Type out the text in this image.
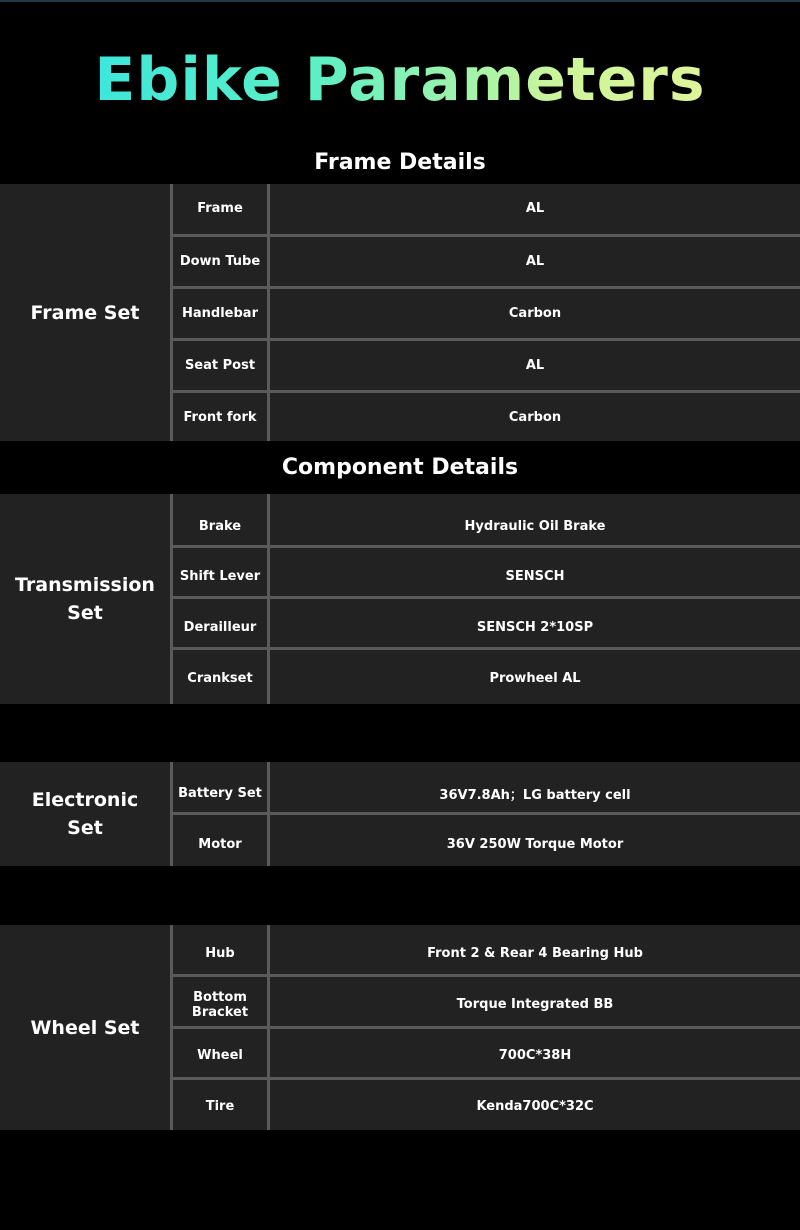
Ebike Parameters
Frame Details
Frame Set
Frame	AL
Down Tube	AL
Handlebar	Carbon
Seat Post	AL
Front fork	Carbon
Component Details
Transmission Set
Brake	Hydraulic Oil Brake
Shift Lever	SENSCH
Derailleur	SENSCH 2*10SP
Crankset	Prowheel AL
Electronic Set
Battery Set	36V7.8Ah；LG battery cell
Motor	36V 250W Torque Motor
Wheel Set
Hub	Front 2 & Rear 4 Bearing Hub
Bottom Bracket	Torque Integrated BB
Wheel	700C*38H
Tire	Kenda700C*32C
